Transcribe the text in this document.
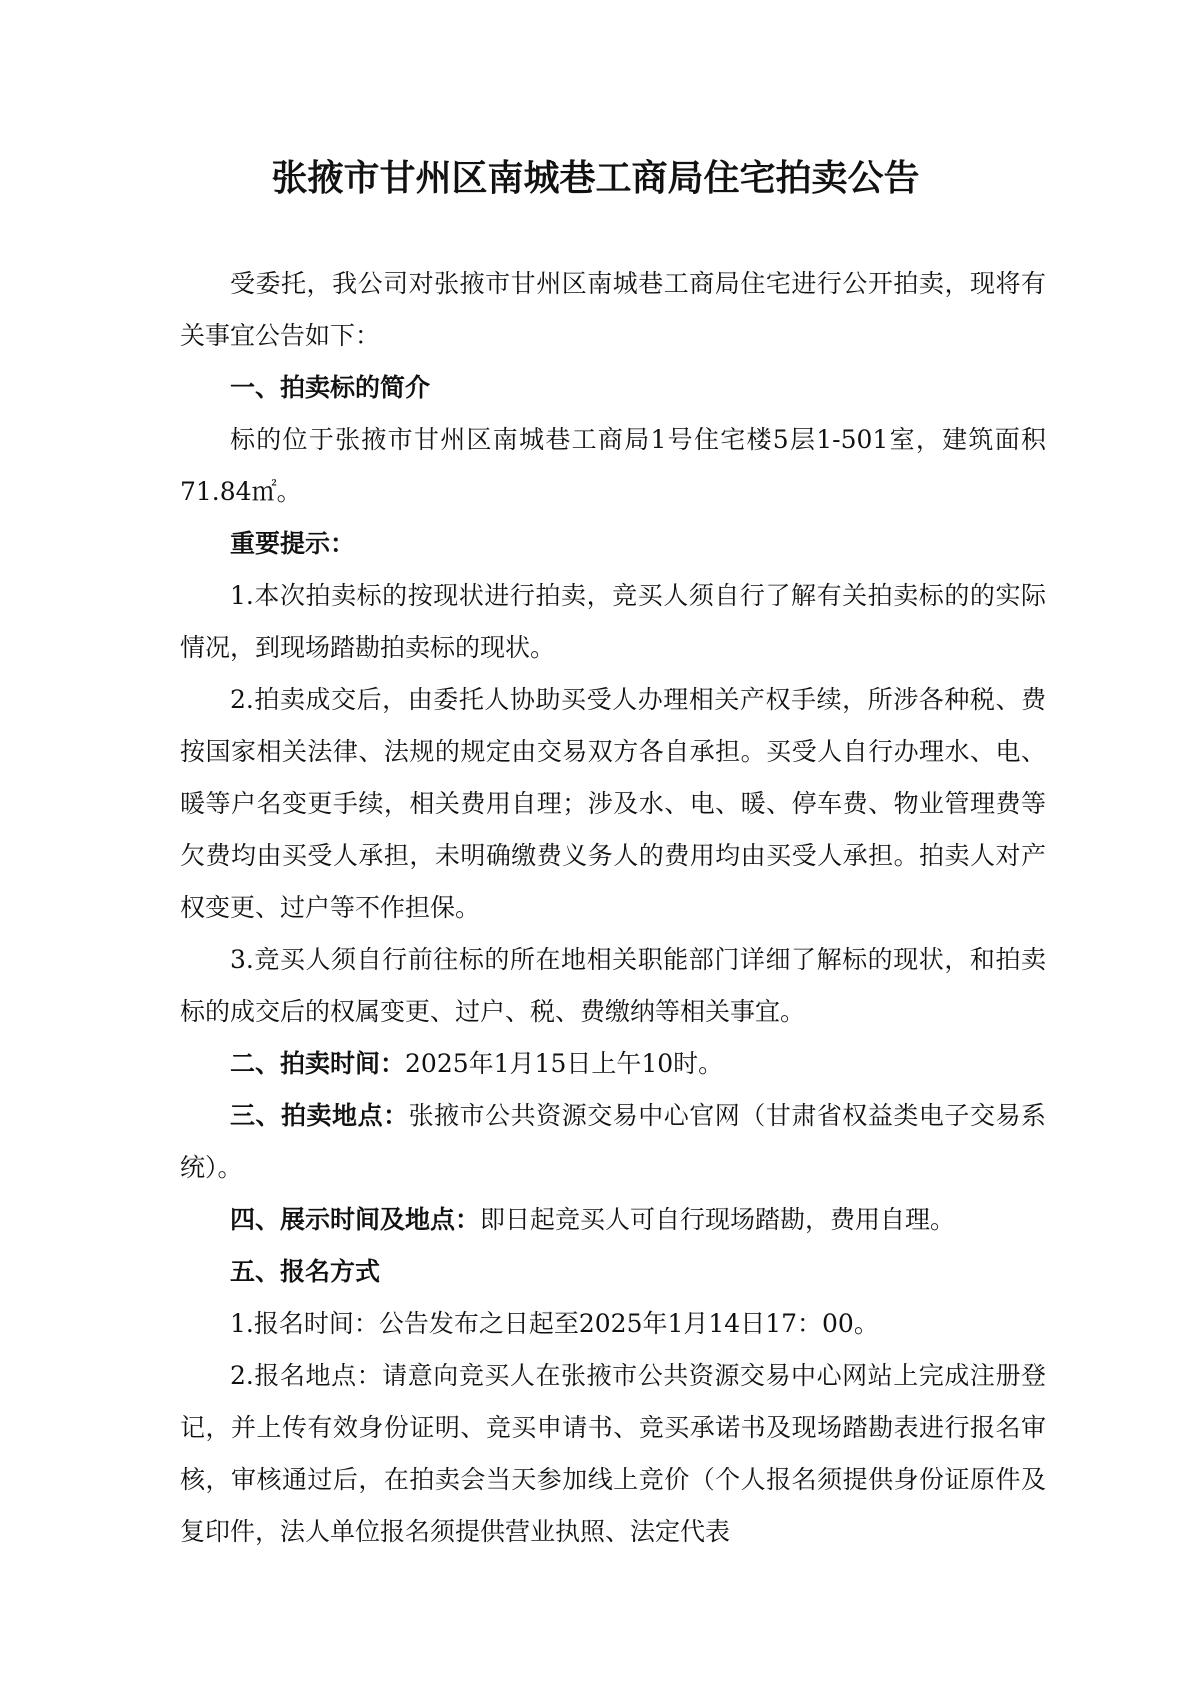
张掖市甘州区南城巷工商局住宅拍卖公告

受委托，我公司对张掖市甘州区南城巷工商局住宅进行公开拍卖，现将有关事宜公告如下：

一、拍卖标的简介

标的位于张掖市甘州区南城巷工商局1号住宅楼5层1-501室，建筑面积71.84㎡。

重要提示：

1.本次拍卖标的按现状进行拍卖，竞买人须自行了解有关拍卖标的的实际情况，到现场踏勘拍卖标的现状。

2.拍卖成交后，由委托人协助买受人办理相关产权手续，所涉各种税、费按国家相关法律、法规的规定由交易双方各自承担。买受人自行办理水、电、暖等户名变更手续，相关费用自理；涉及水、电、暖、停车费、物业管理费等欠费均由买受人承担，未明确缴费义务人的费用均由买受人承担。拍卖人对产权变更、过户等不作担保。

3.竞买人须自行前往标的所在地相关职能部门详细了解标的现状，和拍卖标的成交后的权属变更、过户、税、费缴纳等相关事宜。

二、拍卖时间：2025年1月15日上午10时。

三、拍卖地点：张掖市公共资源交易中心官网（甘肃省权益类电子交易系统）。

四、展示时间及地点：即日起竞买人可自行现场踏勘，费用自理。

五、报名方式

1.报名时间：公告发布之日起至2025年1月14日17：00。

2.报名地点：请意向竞买人在张掖市公共资源交易中心网站上完成注册登记，并上传有效身份证明、竞买申请书、竞买承诺书及现场踏勘表进行报名审核，审核通过后，在拍卖会当天参加线上竞价（个人报名须提供身份证原件及复印件，法人单位报名须提供营业执照、法定代表
